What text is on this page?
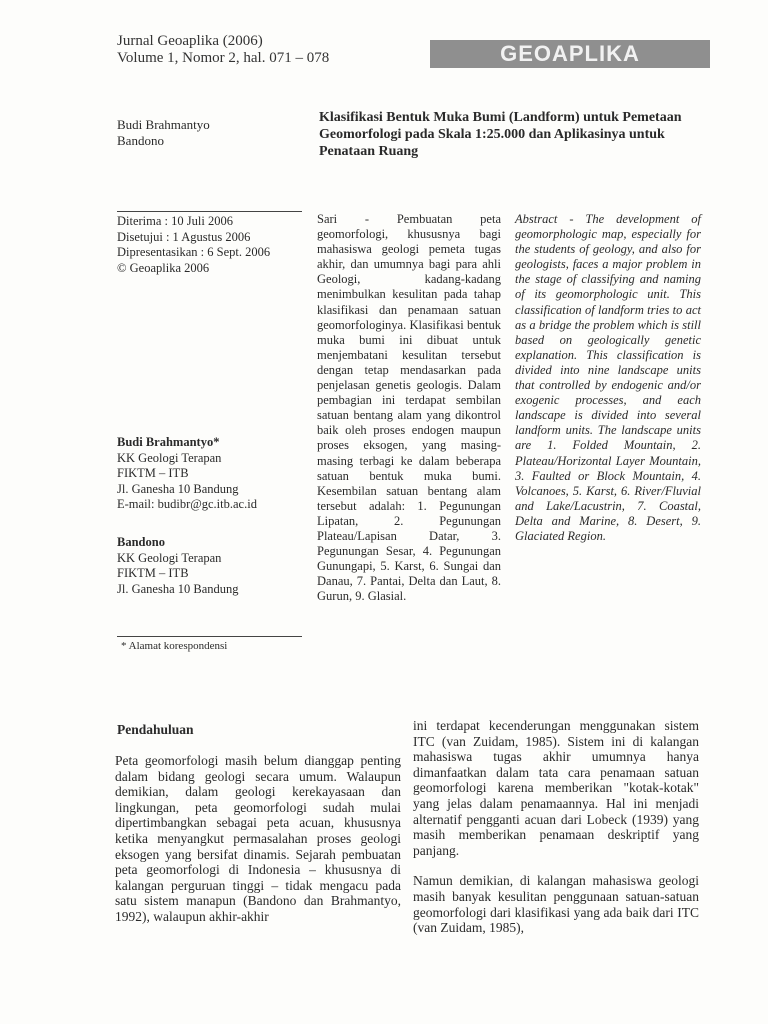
Jurnal Geoaplika (2006)
Volume 1, Nomor 2, hal. 071 – 078	GEOAPLIKA
Budi Brahmantyo
Bandono
Klasifikasi Bentuk Muka Bumi (Landform) untuk Pemetaan Geomorfologi pada Skala 1:25.000 dan Aplikasinya untuk Penataan Ruang
Diterima : 10 Juli 2006
Disetujui : 1 Agustus 2006
Dipresentasikan : 6 Sept. 2006
© Geoaplika 2006
Budi Brahmantyo*
KK Geologi Terapan
FIKTM – ITB
Jl. Ganesha 10 Bandung
E-mail: budibr@gc.itb.ac.id
Bandono
KK Geologi Terapan
FIKTM – ITB
Jl. Ganesha 10 Bandung
* Alamat korespondensi
Sari - Pembuatan peta geomorfologi, khususnya bagi mahasiswa geologi pemeta tugas akhir, dan umumnya bagi para ahli Geologi, kadang-kadang menimbulkan kesulitan pada tahap klasifikasi dan penamaan satuan geomorfologinya. Klasifikasi bentuk muka bumi ini dibuat untuk menjembatani kesulitan tersebut dengan tetap mendasarkan pada penjelasan genetis geologis. Dalam pembagian ini terdapat sembilan satuan bentang alam yang dikontrol baik oleh proses endogen maupun proses eksogen, yang masing-masing terbagi ke dalam beberapa satuan bentuk muka bumi. Kesembilan satuan bentang alam tersebut adalah: 1. Pegunungan Lipatan, 2. Pegunungan Plateau/Lapisan Datar, 3. Pegunungan Sesar, 4. Pegunungan Gunungapi, 5. Karst, 6. Sungai dan Danau, 7. Pantai, Delta dan Laut, 8. Gurun, 9. Glasial.
Abstract - The development of geomorphologic map, especially for the students of geology, and also for geologists, faces a major problem in the stage of classifying and naming of its geomorphologic unit. This classification of landform tries to act as a bridge the problem which is still based on geologically genetic explanation. This classification is divided into nine landscape units that controlled by endogenic and/or exogenic processes, and each landscape is divided into several landform units. The landscape units are 1. Folded Mountain, 2. Plateau/Horizontal Layer Mountain, 3. Faulted or Block Mountain, 4. Volcanoes, 5. Karst, 6. River/Fluvial and Lake/Lacustrin, 7. Coastal, Delta and Marine, 8. Desert, 9. Glaciated Region.
Pendahuluan

Peta geomorfologi masih belum dianggap penting dalam bidang geologi secara umum. Walaupun demikian, dalam geologi kerekayasaan dan lingkungan, peta geomorfologi sudah mulai dipertimbangkan sebagai peta acuan, khususnya ketika menyangkut permasalahan proses geologi eksogen yang bersifat dinamis. Sejarah pembuatan peta geomorfologi di Indonesia – khususnya di kalangan perguruan tinggi – tidak mengacu pada satu sistem manapun (Bandono dan Brahmantyo, 1992), walaupun akhir-akhir

ini terdapat kecenderungan menggunakan sistem ITC (van Zuidam, 1985). Sistem ini di kalangan mahasiswa tugas akhir umumnya hanya dimanfaatkan dalam tata cara penamaan satuan geomorfologi karena memberikan "kotak-kotak" yang jelas dalam penamaannya. Hal ini menjadi alternatif pengganti acuan dari Lobeck (1939) yang masih memberikan penamaan deskriptif yang panjang.

Namun demikian, di kalangan mahasiswa geologi masih banyak kesulitan penggunaan satuan-satuan geomorfologi dari klasifikasi yang ada baik dari ITC (van Zuidam, 1985),
